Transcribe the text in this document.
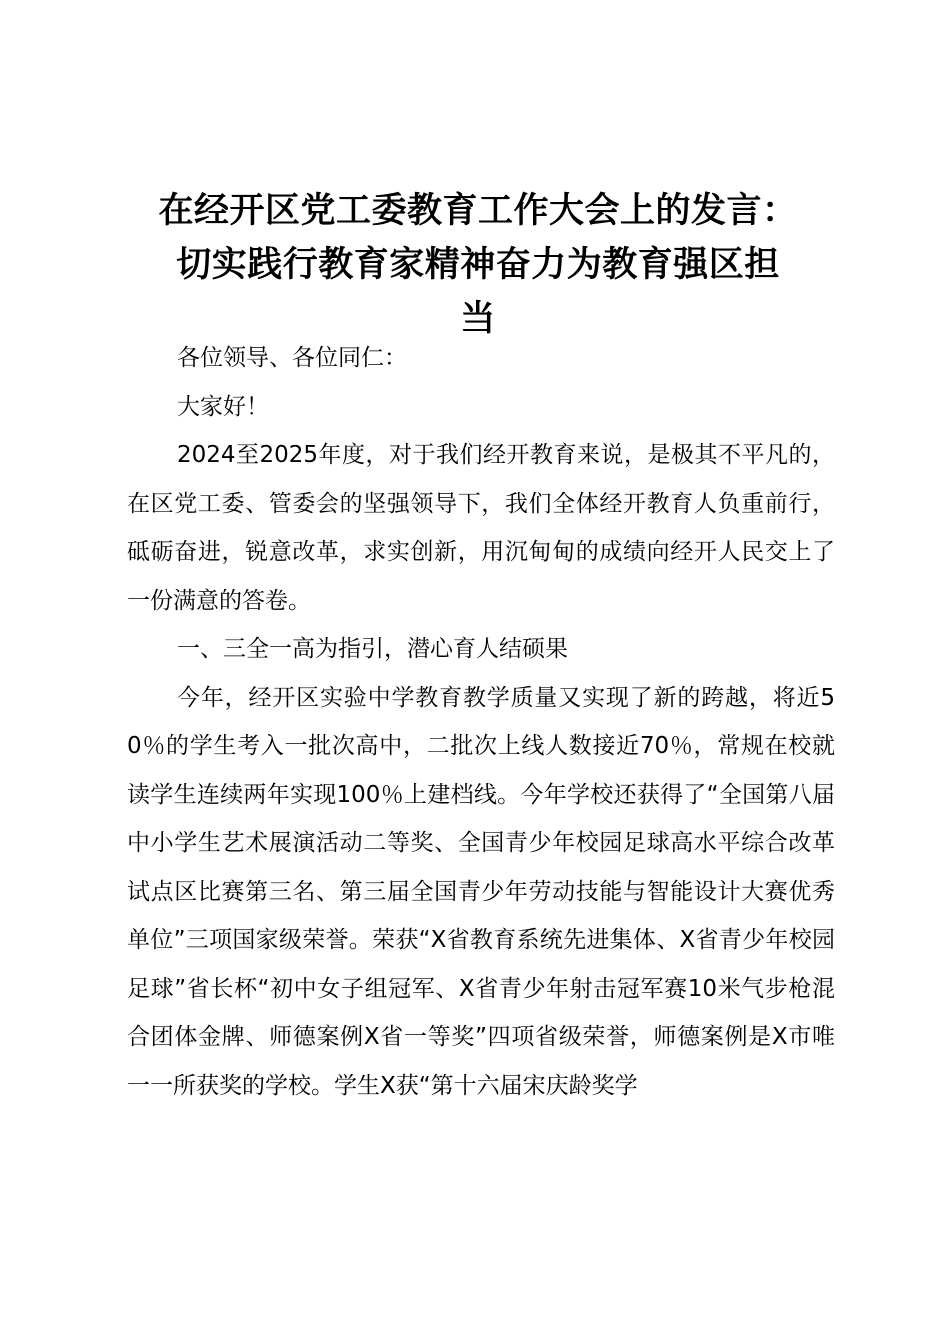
在经开区党工委教育工作大会上的发言：
切实践行教育家精神奋力为教育强区担
当

各位领导、各位同仁：

大家好！

2024至2025年度，对于我们经开教育来说，是极其不平凡的，在区党工委、管委会的坚强领导下，我们全体经开教育人负重前行，砥砺奋进，锐意改革，求实创新，用沉甸甸的成绩向经开人民交上了一份满意的答卷。

一、三全一高为指引，潜心育人结硕果

今年，经开区实验中学教育教学质量又实现了新的跨越，将近50％的学生考入一批次高中，二批次上线人数接近70％，常规在校就读学生连续两年实现100％上建档线。今年学校还获得了“全国第八届中小学生艺术展演活动二等奖、全国青少年校园足球高水平综合改革试点区比赛第三名、第三届全国青少年劳动技能与智能设计大赛优秀单位”三项国家级荣誉。荣获“X省教育系统先进集体、X省青少年校园足球”省长杯“初中女子组冠军、X省青少年射击冠军赛10米气步枪混合团体金牌、师德案例X省一等奖”四项省级荣誉，师德案例是X市唯一一所获奖的学校。学生X获“第十六届宋庆龄奖学
